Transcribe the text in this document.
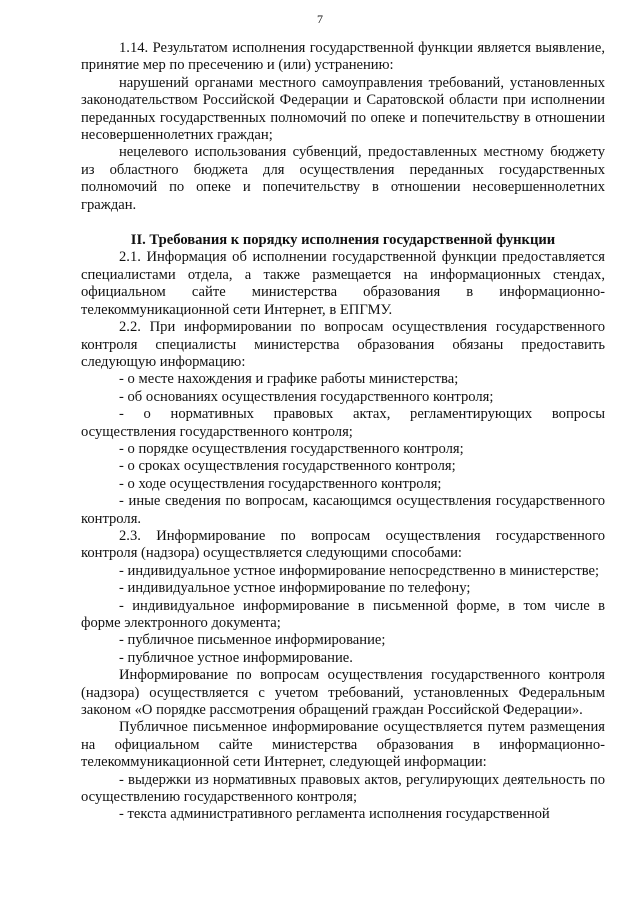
7

1.14. Результатом исполнения государственной функции является выявление, принятие мер по пресечению и (или) устранению:

нарушений органами местного самоуправления требований, установленных законодательством Российской Федерации и Саратовской области при исполнении переданных государственных полномочий по опеке и попечительству в отношении несовершеннолетних граждан;

нецелевого использования субвенций, предоставленных местному бюджету из областного бюджета для осуществления переданных государственных полномочий по опеке и попечительству в отношении несовершеннолетних граждан.

II. Требования к порядку исполнения государственной функции

2.1. Информация об исполнении государственной функции предоставляется специалистами отдела, а также размещается на информационных стендах, официальном сайте министерства образования в информационно-телекоммуникационной сети Интернет, в ЕПГМУ.

2.2. При информировании по вопросам осуществления государственного контроля специалисты министерства образования обязаны предоставить следующую информацию:

- о месте нахождения и графике работы министерства;

- об основаниях осуществления государственного контроля;

- о нормативных правовых актах, регламентирующих вопросы осуществления государственного контроля;

- о порядке осуществления государственного контроля;

- о сроках осуществления государственного контроля;

- о ходе осуществления государственного контроля;

- иные сведения по вопросам, касающимся осуществления государственного контроля.

2.3. Информирование по вопросам осуществления государственного контроля (надзора) осуществляется следующими способами:

- индивидуальное устное информирование непосредственно в министерстве;

- индивидуальное устное информирование по телефону;

- индивидуальное информирование в письменной форме, в том числе в форме электронного документа;

- публичное письменное информирование;

- публичное устное информирование.

Информирование по вопросам осуществления государственного контроля (надзора) осуществляется с учетом требований, установленных Федеральным законом «О порядке рассмотрения обращений граждан Российской Федерации».

Публичное письменное информирование осуществляется путем размещения на официальном сайте министерства образования в информационно-телекоммуникационной сети Интернет, следующей информации:

- выдержки из нормативных правовых актов, регулирующих деятельность по осуществлению государственного контроля;

- текста административного регламента исполнения государственной
